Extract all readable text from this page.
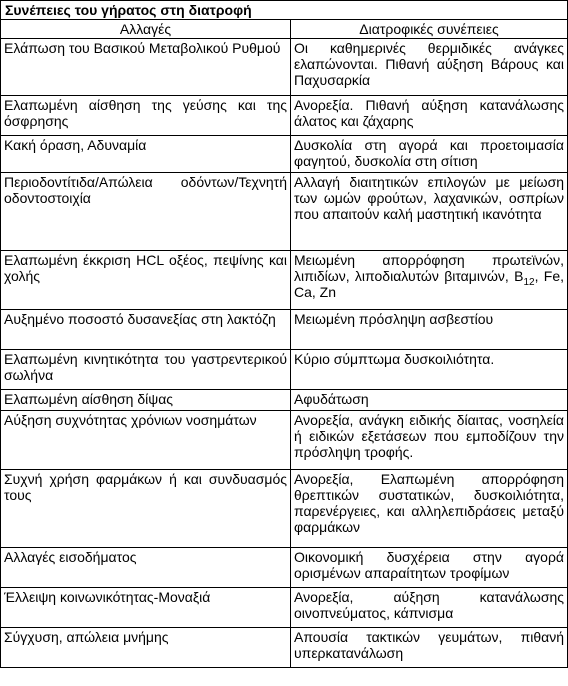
Συνέπειες του γήρατος στη διατροφή	
Αλλαγές	Διατροφικές συνέπειες
Ελάπωση του Βασικού Μεταβολικού Ρυθμού	Οι καθημερινές θερμιδικές ανάγκες ελαπώνονται. Πιθανή αύξηση Βάρους και Παχυσαρκία
Ελαπωμένη αίσθηση της γεύσης και της όσφρησης	Ανορεξία. Πιθανή αύξηση κατανάλωσης άλατος και ζάχαρης
Κακή όραση, Αδυναμία	Δυσκολία στη αγορά και προετοιμασία φαγητού, δυσκολία στη σίτιση
Περιοδοντίτιδα/Απώλεια οδόντων/Τεχνητή οδοντοστοιχία	Αλλαγή διαιτητικών επιλογών με μείωση των ωμών φρούτων, λαχανικών, οσπρίων που απαιτούν καλή μαστητική ικανότητα
Ελαπωμένη έκκριση HCL οξέος, πεψίνης και χολής	Μειωμένη απορρόφηση πρωτεϊνών, λιπιδίων, λιποδιαλυτών βιταμινών, $B_{12}$, Fe, Ca, Zn
Αυξημένο ποσοστό δυσανεξίας στη λακτόζη	Μειωμένη πρόσληψη ασβεστίου
Ελαπωμένη κινητικότητα του γαστρεντερικού σωλήνα	Κύριο σύμπτωμα δυσκοιλιότητα.
Ελαπωμένη αίσθηση δίψας	Αφυδάτωση
Αύξηση συχνότητας χρόνιων νοσημάτων	Ανορεξία, ανάγκη ειδικής δίαιτας, νοσηλεία ή ειδικών εξετάσεων που εμποδίζουν την πρόσληψη τροφής.
Συχνή χρήση φαρμάκων ή και συνδυασμός τους	Ανορεξία, Ελαπωμένη απορρόφηση θρεπτικών συστατικών, δυσκοιλιότητα, παρενέργειες, και αλληλεπιδράσεις μεταξύ φαρμάκων
Αλλαγές εισοδήματος	Οικονομική δυσχέρεια στην αγορά ορισμένων απαραίτητων τροφίμων
Έλλειψη κοινωνικότητας-Μοναξιά	Ανορεξία, αύξηση κατανάλωσης οινοπνεύματος, κάπνισμα
Σύγχυση, απώλεια μνήμης	Απουσία τακτικών γευμάτων, πιθανή υπερκατανάλωση
